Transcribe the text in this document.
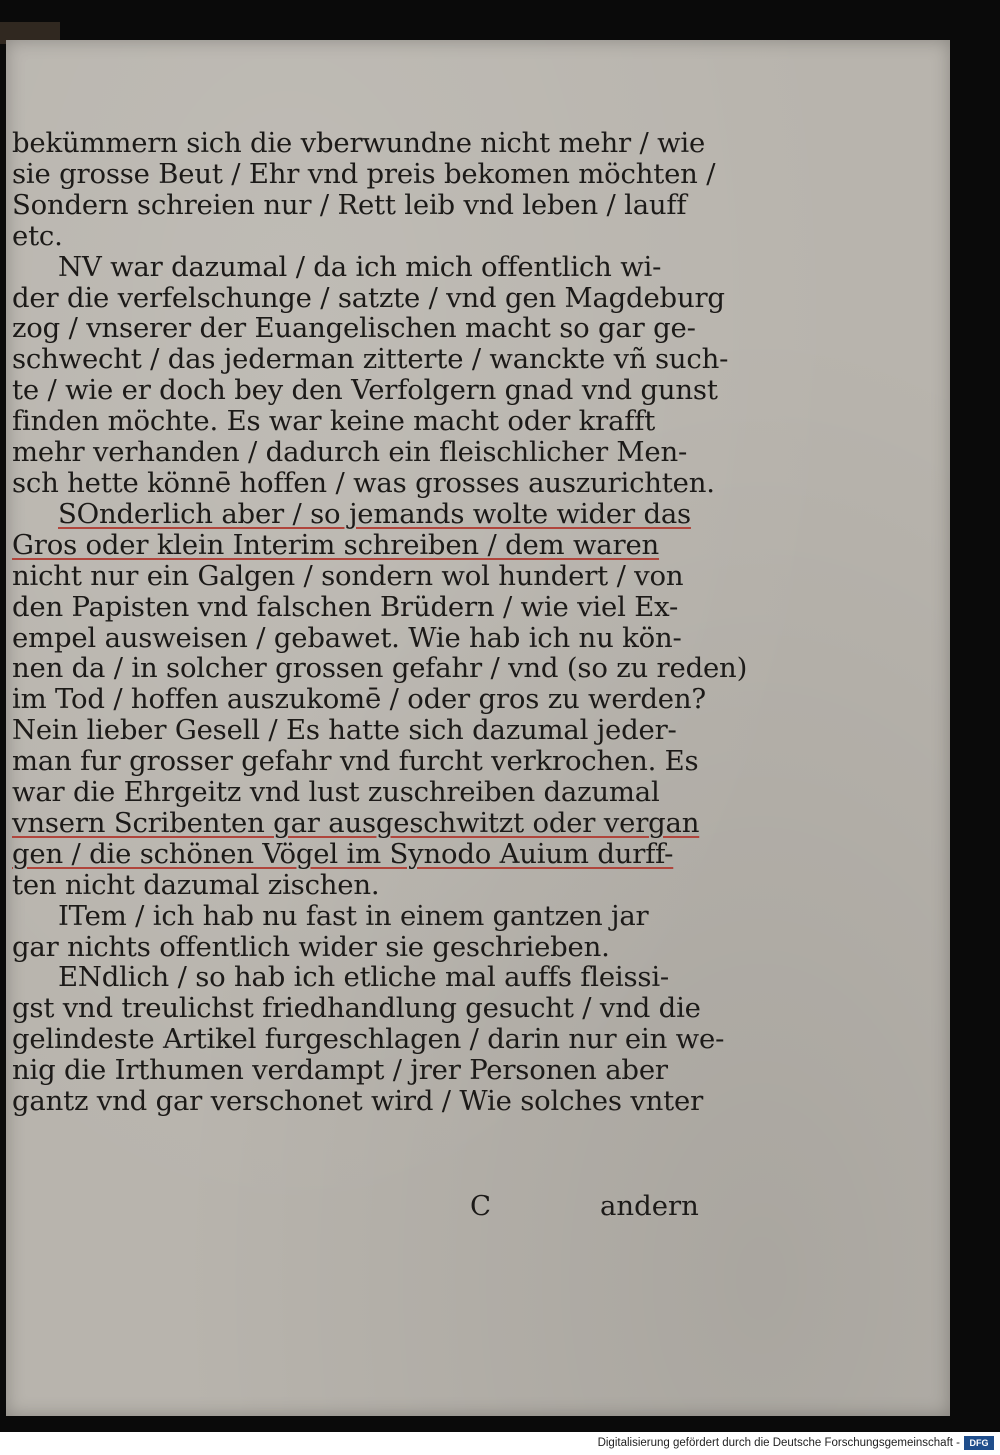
bekümmern sich die vberwundne nicht mehr / wie
sie grosse Beut / Ehr vnd preis bekomen möchten /
Sondern schreien nur / Rett leib vnd leben / lauff
etc.
NV war dazumal / da ich mich offentlich wi-
der die verfelschunge / satzte / vnd gen Magdeburg
zog / vnserer der Euangelischen macht so gar ge-
schwecht / das jederman zitterte / wanckte vñ such-
te / wie er doch bey den Verfolgern gnad vnd gunst
finden möchte. Es war keine macht oder krafft
mehr verhanden / dadurch ein fleischlicher Men-
sch hette könnē hoffen / was grosses auszurichten.
SOnderlich aber / so jemands wolte wider das
Gros oder klein Interim schreiben / dem waren
nicht nur ein Galgen / sondern wol hundert / von
den Papisten vnd falschen Brüdern / wie viel Ex-
empel ausweisen / gebawet. Wie hab ich nu kön-
nen da / in solcher grossen gefahr / vnd (so zu reden)
im Tod / hoffen auszukomē / oder gros zu werden?
Nein lieber Gesell / Es hatte sich dazumal jeder-
man fur grosser gefahr vnd furcht verkrochen. Es
war die Ehrgeitz vnd lust zuschreiben dazumal
vnsern Scribenten gar ausgeschwitzt oder vergan
gen / die schönen Vögel im Synodo Auium durff-
ten nicht dazumal zischen.
ITem / ich hab nu fast in einem gantzen jar
gar nichts offentlich wider sie geschrieben.
ENdlich / so hab ich etliche mal auffs fleissi-
gst vnd treulichst friedhandlung gesucht / vnd die
gelindeste Artikel furgeschlagen / darin nur ein we-
nig die Irthumen verdampt / jrer Personen aber
gantz vnd gar verschonet wird / Wie solches vnter
C	andern
Digitalisierung gefördert durch die Deutsche Forschungsgemeinschaft -	DFG
